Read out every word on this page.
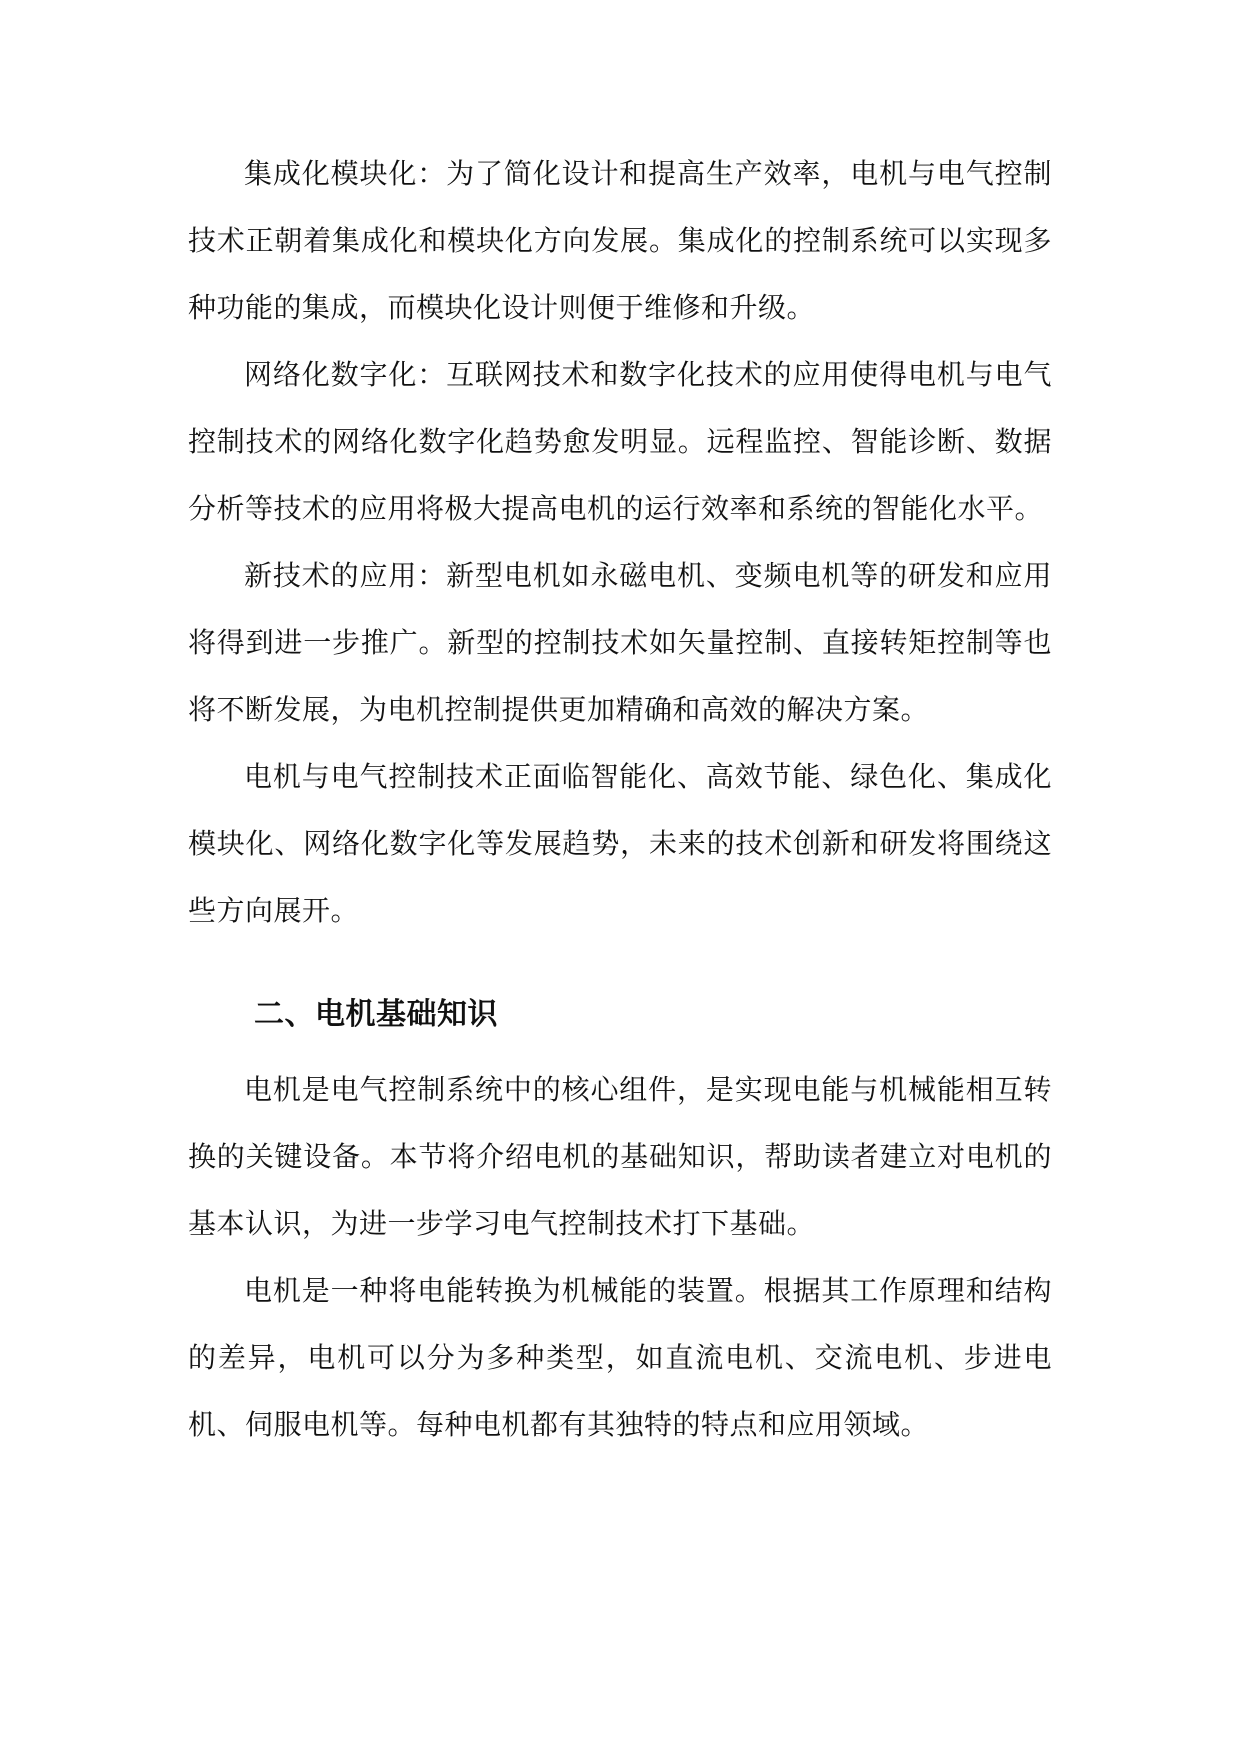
集成化模块化：为了简化设计和提高生产效率，电机与电气控制技术正朝着集成化和模块化方向发展。集成化的控制系统可以实现多种功能的集成，而模块化设计则便于维修和升级。

网络化数字化：互联网技术和数字化技术的应用使得电机与电气控制技术的网络化数字化趋势愈发明显。远程监控、智能诊断、数据分析等技术的应用将极大提高电机的运行效率和系统的智能化水平。

新技术的应用：新型电机如永磁电机、变频电机等的研发和应用将得到进一步推广。新型的控制技术如矢量控制、直接转矩控制等也将不断发展，为电机控制提供更加精确和高效的解决方案。

电机与电气控制技术正面临智能化、高效节能、绿色化、集成化模块化、网络化数字化等发展趋势，未来的技术创新和研发将围绕这些方向展开。

二、电机基础知识

电机是电气控制系统中的核心组件，是实现电能与机械能相互转换的关键设备。本节将介绍电机的基础知识，帮助读者建立对电机的基本认识，为进一步学习电气控制技术打下基础。

电机是一种将电能转换为机械能的装置。根据其工作原理和结构的差异，电机可以分为多种类型，如直流电机、交流电机、步进电机、伺服电机等。每种电机都有其独特的特点和应用领域。
